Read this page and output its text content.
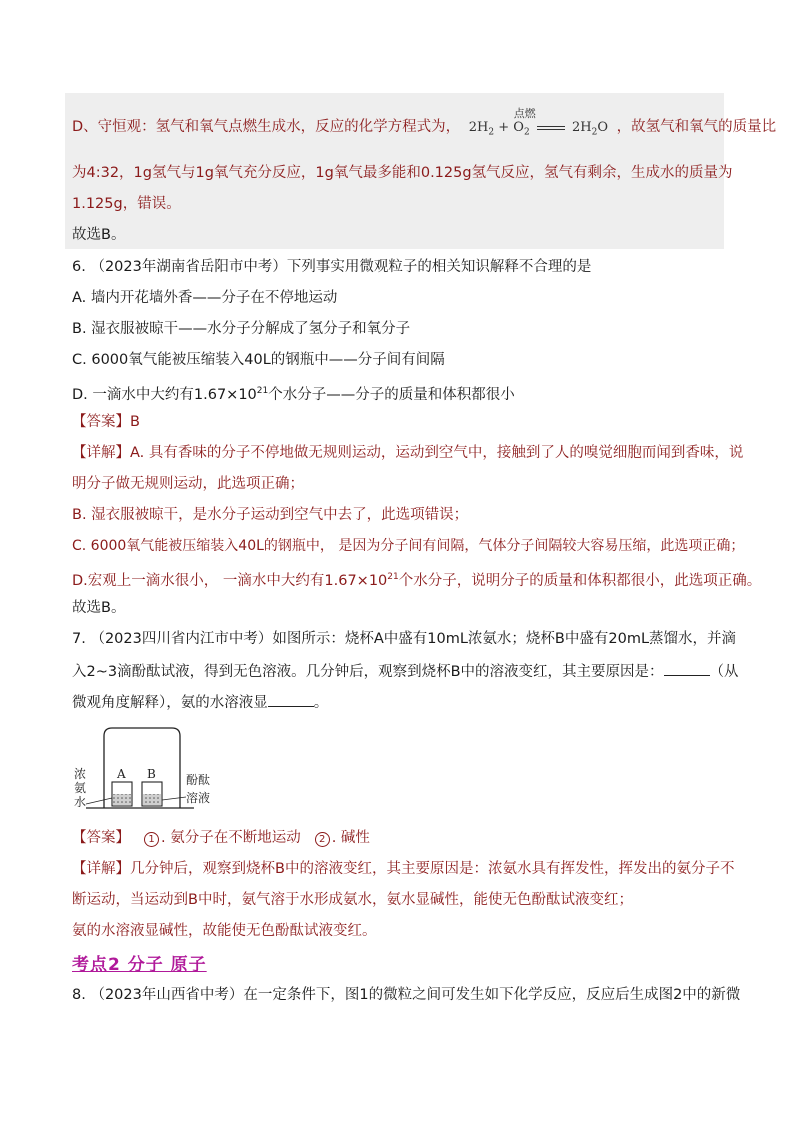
D、守恒观：氢气和氧气点燃生成水，反应的化学方程式为， $2H_2 + O_2$
点燃
$2H_2O$ ，故氢气和氧气的质量比
为4:32，1g氢气与1g氧气充分反应，1g氧气最多能和0.125g氢气反应，氢气有剩余，生成水的质量为
1.125g，错误。
故选B。
6. （2023年湖南省岳阳市中考）下列事实用微观粒子的相关知识解释不合理的是
A. 墙内开花墙外香——分子在不停地运动
B. 湿衣服被晾干——水分子分解成了氢分子和氧分子
C. 6000氧气能被压缩装入40L的钢瓶中——分子间有间隔
D. 一滴水中大约有$1.67\times 10^{21}$个水分子——分子的质量和体积都很小
【答案】B
【详解】A. 具有香味的分子不停地做无规则运动，运动到空气中，接触到了人的嗅觉细胞而闻到香味，说
明分子做无规则运动，此选项正确；
B. 湿衣服被晾干，是水分子运动到空气中去了，此选项错误；
C. 6000氧气能被压缩装入40L的钢瓶中， 是因为分子间有间隔，气体分子间隔较大容易压缩，此选项正确；
D.宏观上一滴水很小， 一滴水中大约有$1.67\times 10^{21}$个水分子，说明分子的质量和体积都很小，此选项正确。
故选B。
7. （2023四川省内江市中考）如图所示：烧杯A中盛有10mL浓氨水；烧杯B中盛有20mL蒸馏水，并滴
入2~3滴酚酞试液，得到无色溶液。几分钟后，观察到烧杯B中的溶液变红，其主要原因是：	（从
微观角度解释），氨的水溶液显	。
A B
浓
氨
水
酚酞
溶液
【答案】 1 . 氨分子在不断地运动 2 . 碱性
【详解】几分钟后，观察到烧杯B中的溶液变红，其主要原因是：浓氨水具有挥发性，挥发出的氨分子不
断运动，当运动到B中时，氨气溶于水形成氨水，氨水显碱性，能使无色酚酞试液变红；
氨的水溶液显碱性，故能使无色酚酞试液变红。
考点2 分子 原子
8. （2023年山西省中考）在一定条件下，图1的微粒之间可发生如下化学反应，反应后生成图2中的新微
